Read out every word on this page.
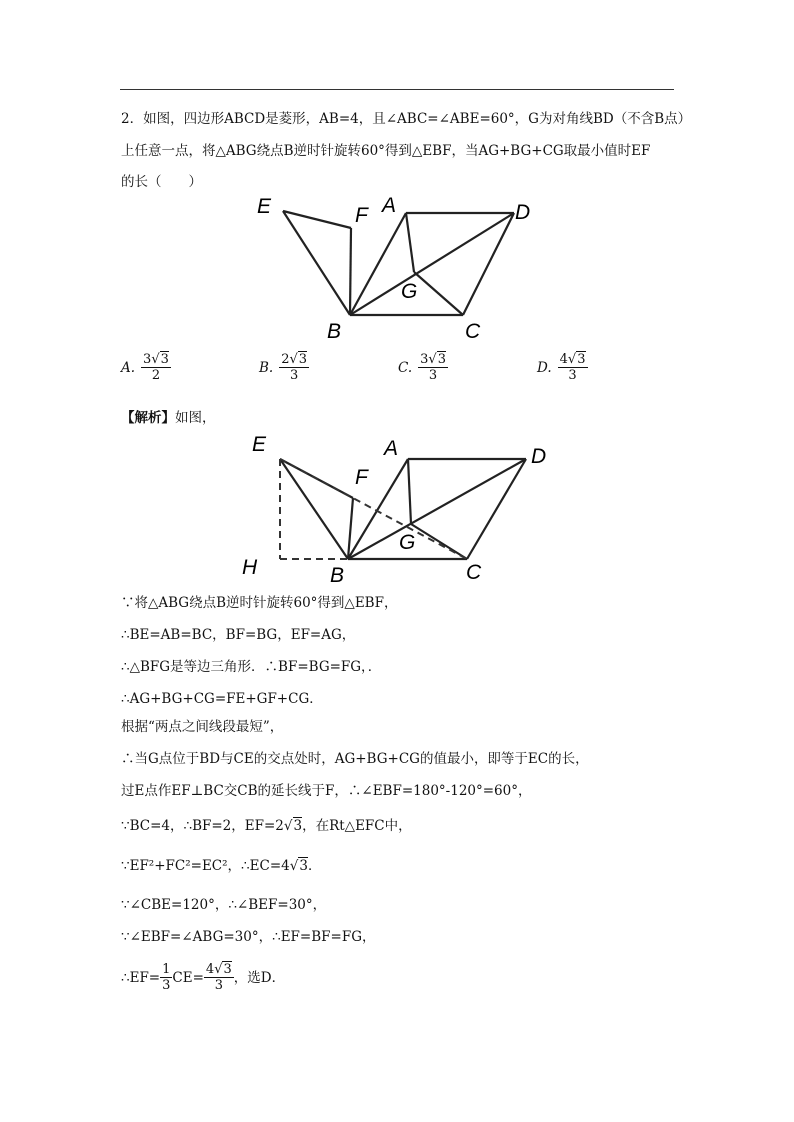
2．如图，四边形ABCD是菱形，AB=4，且∠ABC=∠ABE=60°，G为对角线BD（不含B点）
上任意一点，将△ABG绕点B逆时针旋转60°得到△EBF，当AG+BG+CG取最小值时EF
的长（　　）
E	F A	D
G
B	C
A. $\frac{3√3}{2}$	B. $\frac{2√3}{3}$	C. $\frac{3√3}{3}$	D. $\frac{4√3}{3}$
【解析】如图，
E
F
A	D
G
H	B	C
∵将△ABG绕点B逆时针旋转60°得到△EBF，
∴BE=AB=BC，BF=BG，EF=AG，
∴△BFG是等边三角形．∴BF=BG=FG，．
∴AG+BG+CG=FE+GF+CG．
根据“两点之间线段最短”，
∴当G点位于BD与CE的交点处时，AG+BG+CG的值最小，即等于EC的长，
过E点作EF⊥BC交CB的延长线于F，∴∠EBF=180°-120°=60°，
∵BC=4，∴BF=2，EF=2√3，在Rt△EFC中，
∵EF²+FC²=EC²，∴EC=4√3．
∵∠CBE=120°，∴∠BEF=30°，
∵∠EBF=∠ABG=30°，∴EF=BF=FG，
∴EF= $\frac{1}{3} CE= \frac{4√3}{3}$ ，选D．
